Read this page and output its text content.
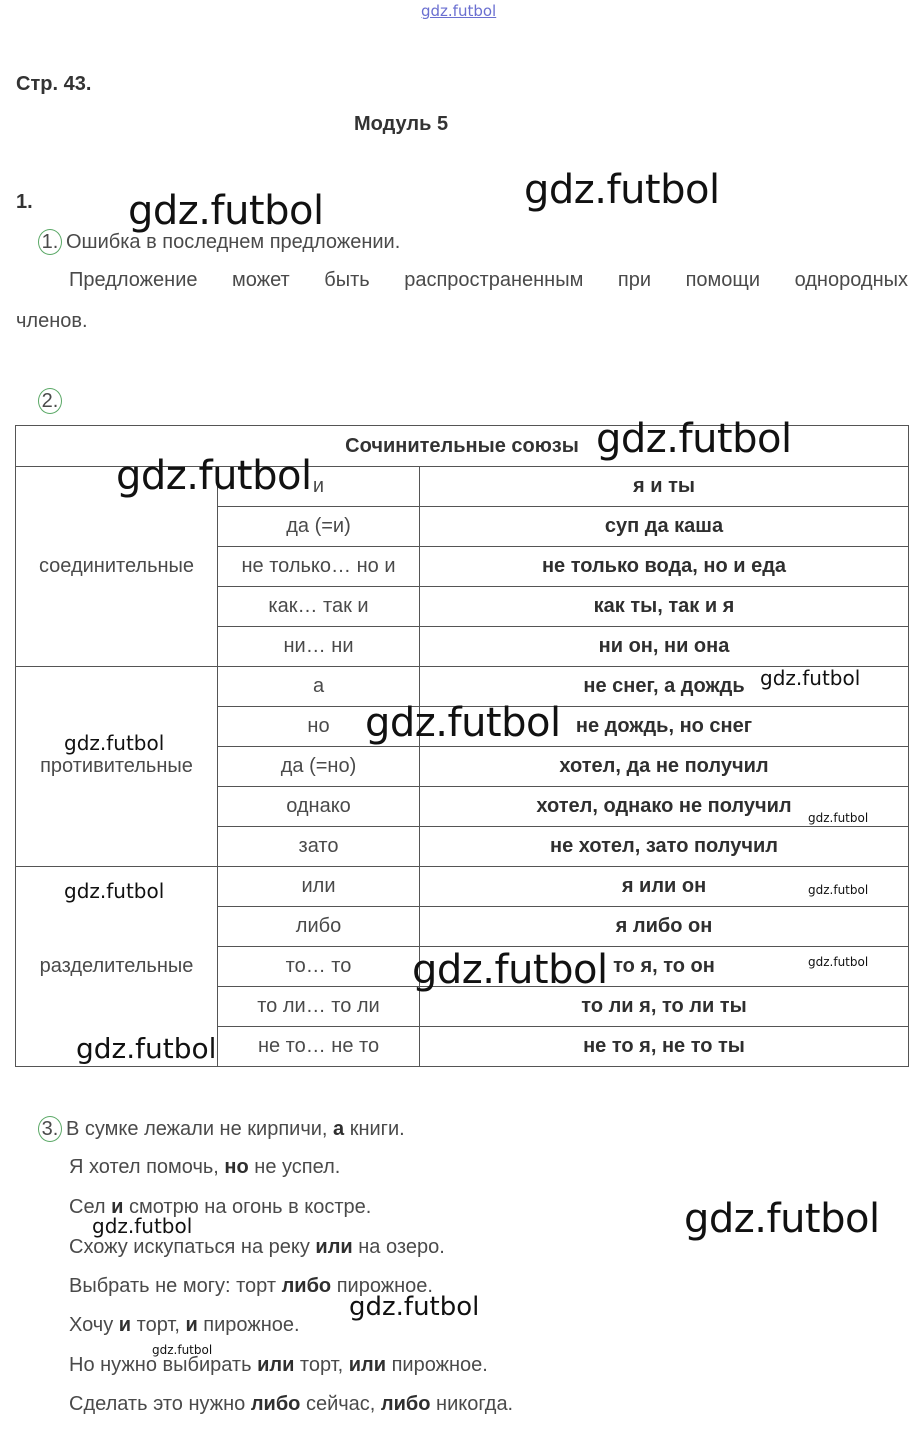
gdz.futbol
Стр. 43.
Модуль 5
1.
1. Ошибка в последнем предложении.
Предложение может быть распространенным при помощи однородных
членов.
2.
Сочинительные союзы		
соединительные	и	я и ты
	да (=и)	суп да каша
	не только… но и	не только вода, но и еда
	как… так и	как ты, так и я
	ни… ни	ни он, ни она
противительные	а	не снег, а дождь
	но	не дождь, но снег
	да (=но)	хотел, да не получил
	однако	хотел, однако не получил
	зато	не хотел, зато получил
разделительные	или	я или он
	либо	я либо он
	то… то	то я, то он
	то ли… то ли	то ли я, то ли ты
	не то… не то	не то я, не то ты
3. В сумке лежали не кирпичи, а книги.
Я хотел помочь, но не успел.
Сел и смотрю на огонь в костре.
Схожу искупаться на реку или на озеро.
Выбрать не могу: торт либо пирожное.
Хочу и торт, и пирожное.
Но нужно выбирать или торт, или пирожное.
Сделать это нужно либо сейчас, либо никогда.
gdz.futbol	gdz.futbol
gdz.futbol
gdz.futbol
gdz.futbol
gdz.futbol
gdz.futbol
gdz.futbol
gdz.futbol	gdz.futbol
gdz.futbol	gdz.futbol
gdz.futbol
gdz.futbol
gdz.futbol
gdz.futbol
gdz.futbol
